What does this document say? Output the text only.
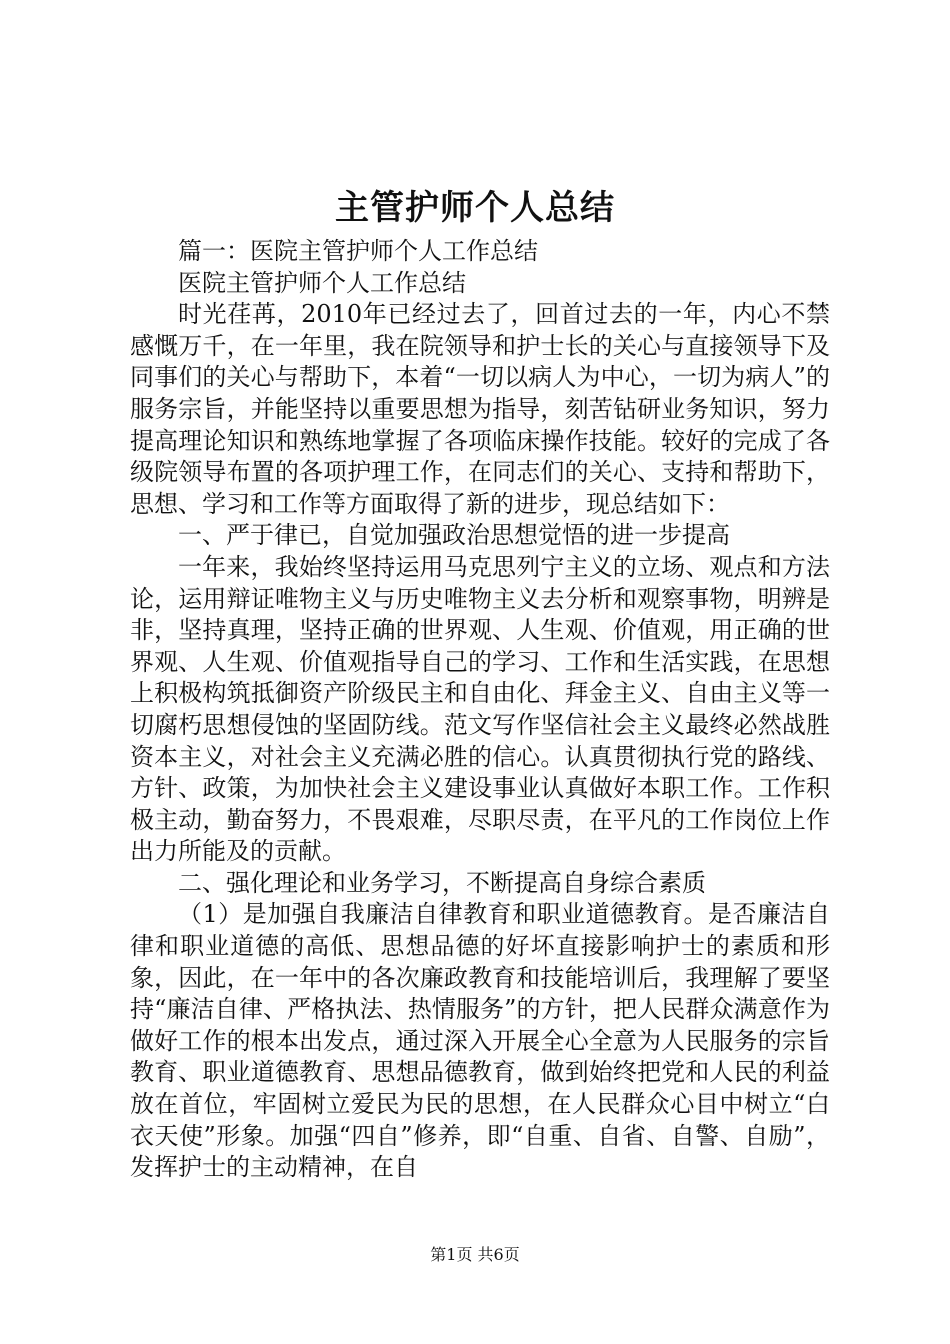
主管护师个人总结

篇一：医院主管护师个人工作总结

医院主管护师个人工作总结

时光荏苒，2010年已经过去了，回首过去的一年，内心不禁感慨万千，在一年里，我在院领导和护士长的关心与直接领导下及同事们的关心与帮助下，本着“一切以病人为中心，一切为病人”的服务宗旨，并能坚持以重要思想为指导，刻苦钻研业务知识，努力提高理论知识和熟练地掌握了各项临床操作技能。较好的完成了各级院领导布置的各项护理工作，在同志们的关心、支持和帮助下，思想、学习和工作等方面取得了新的进步，现总结如下：

一、严于律已，自觉加强政治思想觉悟的进一步提高

一年来，我始终坚持运用马克思列宁主义的立场、观点和方法论，运用辩证唯物主义与历史唯物主义去分析和观察事物，明辨是非，坚持真理，坚持正确的世界观、人生观、价值观，用正确的世界观、人生观、价值观指导自己的学习、工作和生活实践，在思想上积极构筑抵御资产阶级民主和自由化、拜金主义、自由主义等一切腐朽思想侵蚀的坚固防线。范文写作坚信社会主义最终必然战胜资本主义，对社会主义充满必胜的信心。认真贯彻执行党的路线、方针、政策，为加快社会主义建设事业认真做好本职工作。工作积极主动，勤奋努力，不畏艰难，尽职尽责，在平凡的工作岗位上作出力所能及的贡献。

二、强化理论和业务学习，不断提高自身综合素质

（1）是加强自我廉洁自律教育和职业道德教育。是否廉洁自律和职业道德的高低、思想品德的好坏直接影响护士的素质和形象，因此，在一年中的各次廉政教育和技能培训后，我理解了要坚持“廉洁自律、严格执法、热情服务”的方针，把人民群众满意作为做好工作的根本出发点，通过深入开展全心全意为人民服务的宗旨教育、职业道德教育、思想品德教育，做到始终把党和人民的利益放在首位，牢固树立爱民为民的思想，在人民群众心目中树立“白衣天使”形象。加强“四自”修养，即“自重、自省、自警、自励”，发挥护士的主动精神，在自

第1页 共6页
